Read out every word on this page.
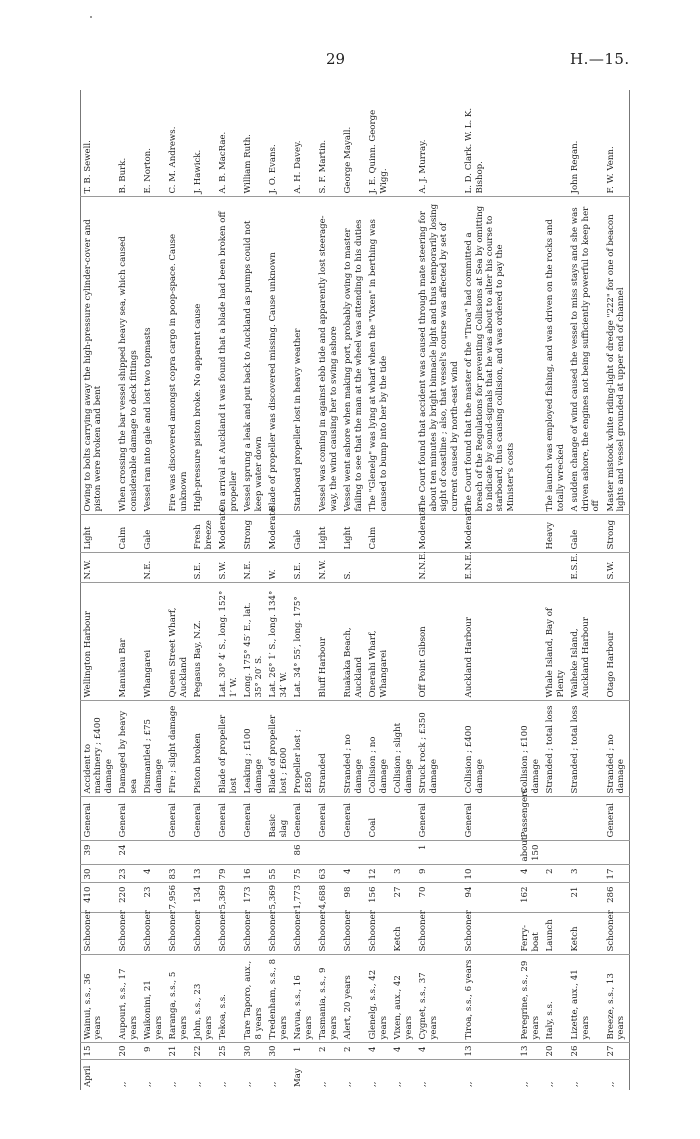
29	H.—15.
April	15	Wainui, s.s., 36 years	Schooner	410	30	39	General	Accident to machinery ; £400 damage	Wellington Harbour	N.W.	Light	Owing to bolts carrying away the high-pressure cylinder-cover and piston were broken and bent	T. B. Sewell.
,,	20	Aupouri, s.s., 17 years	Schooner	220	23	24	General	Damaged by heavy sea	Manukau Bar		Calm	When crossing the bar vessel shipped heavy sea, which caused considerable damage to deck fittings	B. Burk.
,,	9	Waikonini, 21 years	Schooner	23	4			Dismantled ; £75 damage	Whangarei	N.E.	Gale	Vessel ran into gale and lost two topmasts	E. Norton.
,,	21	Raranga, s.s., 5 years	Schooner	7,956	83		General	Fire ; slight damage	Queen Street Wharf, Auckland			Fire was discovered amongst copra cargo in poop-space. Cause unknown	C. M. Andrews.
,,	22	John, s.s., 23 years	Schooner	134	13		General	Piston broken	Pegasus Bay, N.Z.	S.E.	Fresh breeze	High-pressure piston broke. No apparent cause	J. Hawick.
,,	25	Tekoa, s.s.	Schooner	5,369	79		General	Blade of propeller lost	Lat. 30° 4′ S., long. 152° 1′ W.	S.W.	Moderate	On arrival at Auckland it was found that a blade had been broken off propeller	A. B. MacRae.
,,	30	Tare Taporo, aux., 8 years	Schooner	173	16		General	Leaking ; £100 damage	Long. 175° 45′ E., lat. 35° 20′ S.	N.E.	Strong	Vessel sprung a leak and put back to Auckland as pumps could not keep water down	William Ruth.
,,	30	Tredenham, s.s., 8 years	Schooner	5,369	55		Basic slag	Blade of propeller lost ; £600	Lat. 26° 1′ S., long. 134° 34′ W.	W.	Moderate	Blade of propeller was discovered missing. Cause unknown	J. O. Evans.
May	1	Navua, s.s., 16 years	Schooner	1,773	75	86	General	Propeller lost ; £850	Lat. 34° 55′, long. 175°	S.E.	Gale	Starboard propeller lost in heavy weather	A. H. Davey.
,,	2	Tasmania, s.s., 9 years	Schooner	4,688	63		General	Stranded	Bluff Harbour	N.W.	Light	Vessel was coming in against ebb tide and apparently lost steerage-way, the wind causing her to swing ashore	S. F. Martin.
,,	2	Alert, 20 years	Schooner	98	4		General	Stranded ; no damage	Ruakaka Beach, Auckland	S.	Light	Vessel went ashore when making port, probably owing to master failing to see that the man at the wheel was attending to his duties	George Mayall.
,,	4	Glenelg, s.s., 42 years	Schooner	156	12		Coal	Collision ; no damage	Onerahi Wharf, Whangarei		Calm	The "Glenelg" was lying at wharf when the "Vixen" in berthing was caused to bump into her by the tide	J. E. Quinn. George Wigg.
,,	4	Vixen, aux., 42 years	Ketch	27	3			Collision ; slight damage					
,,	4	Cygnet, s.s., 37 years	Schooner	70	9	1	General	Struck rock ; £350 damage	Off Point Gibson	N.N.E.	Moderate	The Court found that accident was caused through mate steering for about ten minutes by bright binnacle light and thus temporarily losing sight of coastline ; also, that vessel's course was affected by set of current caused by north-east wind	A. J. Murray.
,,	13	Tiroa, s.s., 6 years	Schooner	94	10		General	Collision ; £400 damage	Auckland Harbour	E.N.E.	Moderate	The Court found that the master of the "Tiroa" had committed a breach of the Regulations for preventing Collisions at Sea by omitting to indicate by sound-signals that he was about to alter his course to starboard, thus causing collision, and was ordered to pay the Minister's costs	L. D. Clark. W. L. K. Bishop.
,,	13	Peregrine, s.s., 29 years	Ferry-boat	162	4	about 150	Passengers	Collision ; £100 damage					
,,	20	Italy, s.s.	Launch		2			Stranded ; total loss	Whale Island, Bay of Plenty		Heavy	The launch was employed fishing, and was driven on the rocks and totally wrecked	
,,	26	Lizette, aux., 41 years	Ketch	21	3			Stranded ; total loss	Waiheke Island, Auckland Harbour	E.S.E.	Gale	A sudden change of wind caused the vessel to miss stays and she was driven ashore, the engines not being sufficiently powerful to keep her off	John Regan.
,,	27	Breeze, s.s., 13 years	Schooner	286	17		General	Stranded ; no damage	Otago Harbour	S.W.	Strong	Master mistook white riding-light of dredge "222" for one of beacon lights and vessel grounded at upper end of channel	F. W. Venn.
